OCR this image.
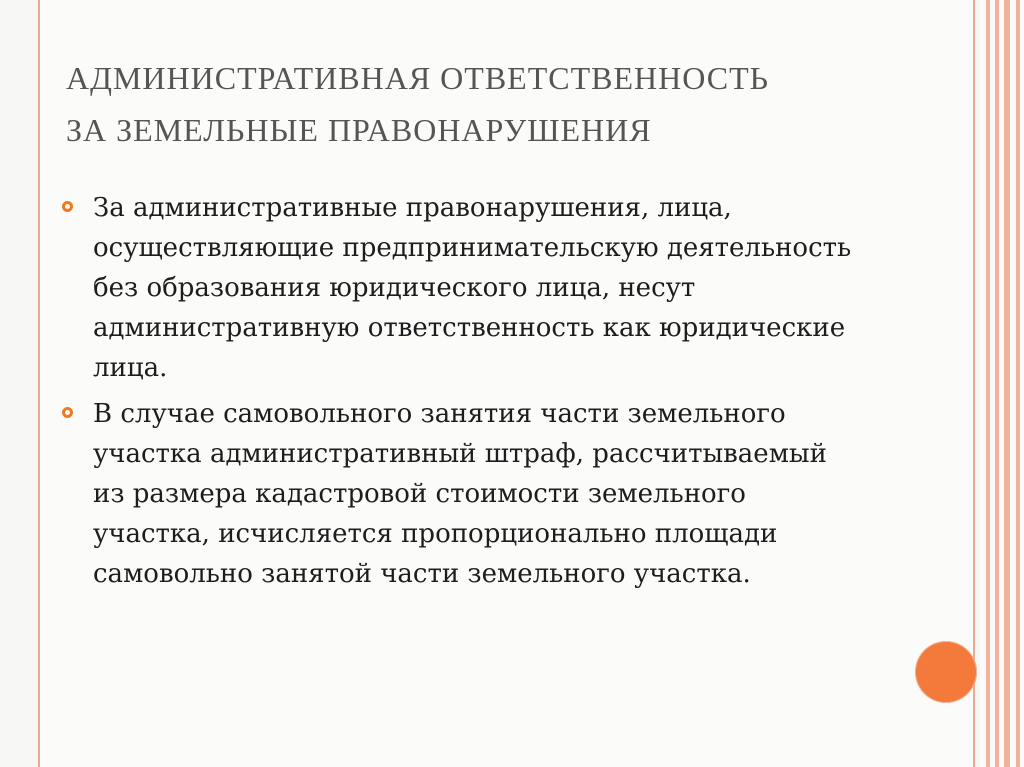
АДМИНИСТРАТИВНАЯ ОТВЕТСТВЕННОСТЬ
ЗА ЗЕМЕЛЬНЫЕ ПРАВОНАРУШЕНИЯ
За административные правонарушения, лица, осуществляющие предпринимательскую деятельность без образования юридического лица, несут административную ответственность как юридические лица.
В случае самовольного занятия части земельного участка административный штраф, рассчитываемый из размера кадастровой стоимости земельного участка, исчисляется пропорционально площади самовольно занятой части земельного участка.
